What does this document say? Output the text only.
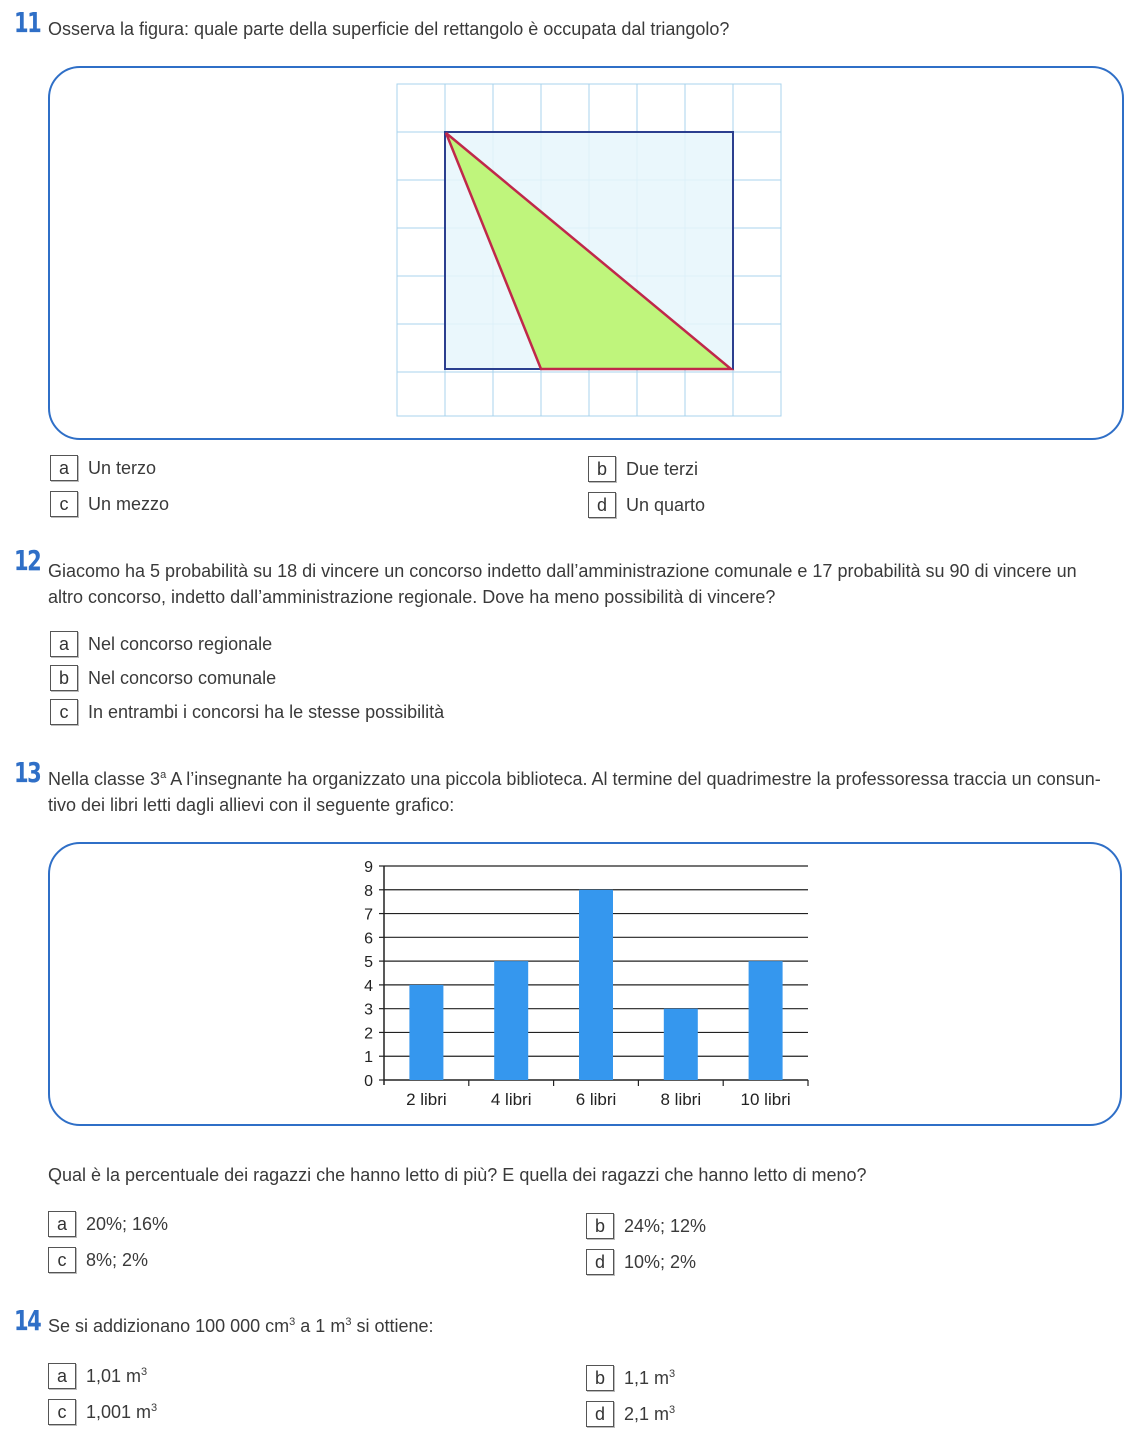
11 Osserva la figura: quale parte della superficie del rettangolo è occupata dal triangolo?
a	Un terzo	b	Due terzi
c	Un mezzo	d	Un quarto
12 Giacomo ha 5 probabilità su 18 di vincere un concorso indetto dall’amministrazione comunale e 17 probabilità su 90 di vincere un
altro concorso, indetto dall’amministrazione regionale. Dove ha meno possibilità di vincere?
a	Nel concorso regionale
b	Nel concorso comunale
c	In entrambi i concorsi ha le stesse possibilità
13 Nella classe 3$^a$ A l’insegnante ha organizzato una piccola biblioteca. Al termine del quadrimestre la professoressa traccia un consun-
tivo dei libri letti dagli allievi con il seguente grafico:
0
1
2
3
4
5
6
7
8
9
2 libri	4 libri	6 libri	8 libri 10 libri
Qual è la percentuale dei ragazzi che hanno letto di più? E quella dei ragazzi che hanno letto di meno?
a	20%; 16%	b	24%; 12%
c	8%; 2%	d	10%; 2%
14 Se si addizionano 100 000 $cm^3$ a 1 $m^3$ si ottiene:
a	1,01 $m^3$	b	1,1 $m^3$
c	1,001 $m^3$	d	2,1 $m^3$
